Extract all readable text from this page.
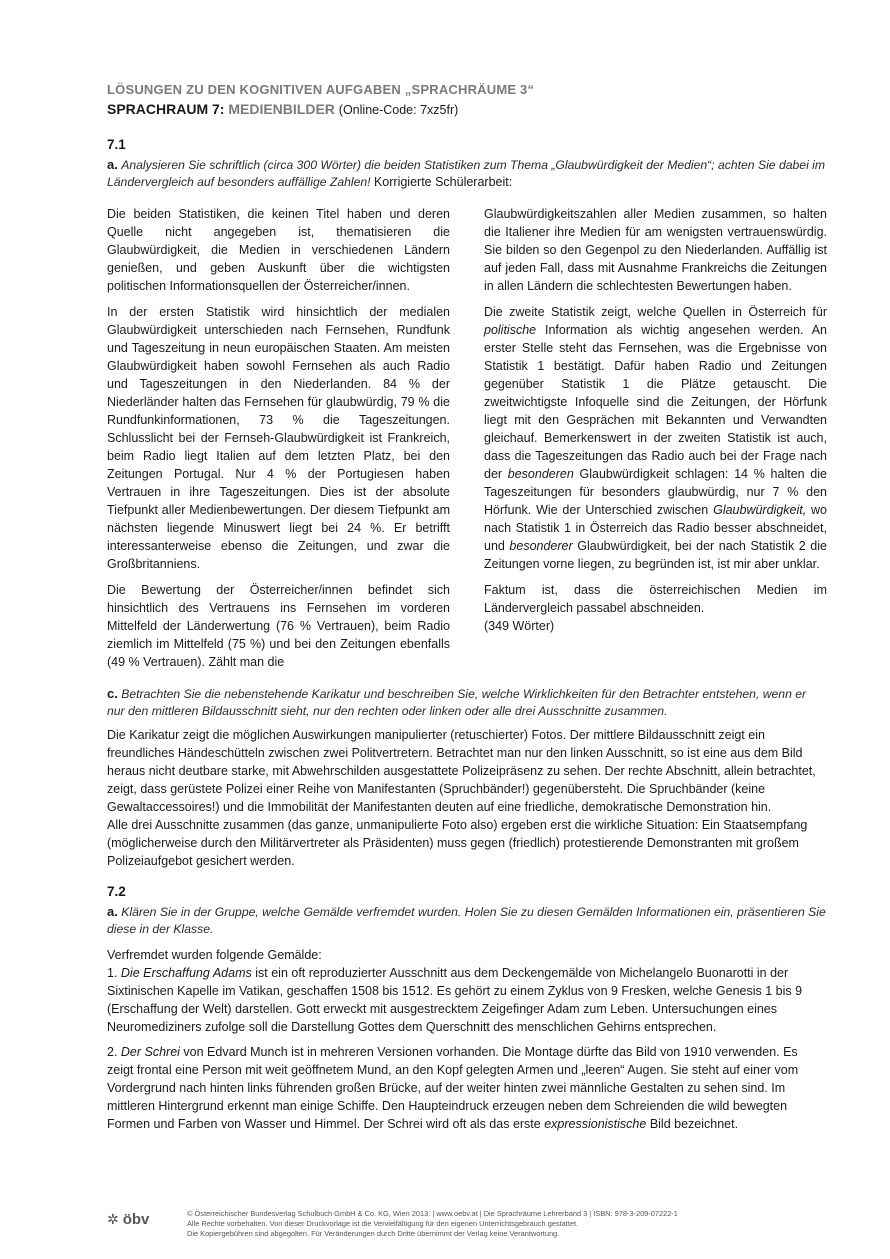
LÖSUNGEN ZU DEN KOGNITIVEN AUFGABEN „SPRACHRÄUME 3“
SPRACHRAUM 7: MEDIENBILDER (Online-Code: 7xz5fr)
7.1

a. Analysieren Sie schriftlich (circa 300 Wörter) die beiden Statistiken zum Thema „Glaubwürdigkeit der Medien“; achten Sie dabei im Ländervergleich auf besonders auffällige Zahlen! Korrigierte Schülerarbeit:

Die beiden Statistiken, die keinen Titel haben und deren Quelle nicht angegeben ist, thematisieren die Glaubwürdigkeit, die Medien in verschiedenen Ländern genießen, und geben Auskunft über die wichtigsten politischen Informationsquellen der Österreicher/innen.

In der ersten Statistik wird hinsichtlich der medialen Glaubwürdigkeit unterschieden nach Fernsehen, Rundfunk und Tageszeitung in neun europäischen Staaten. Am meisten Glaubwürdigkeit haben sowohl Fernsehen als auch Radio und Tageszeitungen in den Niederlanden. 84 % der Niederländer halten das Fernsehen für glaubwürdig, 79 % die Rundfunkinformationen, 73 % die Tageszeitungen. Schlusslicht bei der Fernseh-Glaubwürdigkeit ist Frankreich, beim Radio liegt Italien auf dem letzten Platz, bei den Zeitungen Portugal. Nur 4 % der Portugiesen haben Vertrauen in ihre Tageszeitungen. Dies ist der absolute Tiefpunkt aller Medienbewertungen. Der diesem Tiefpunkt am nächsten liegende Minuswert liegt bei 24 %. Er betrifft interessanterweise ebenso die Zeitungen, und zwar die Großbritanniens.

Die Bewertung der Österreicher/innen befindet sich hinsichtlich des Vertrauens ins Fernsehen im vorderen Mittelfeld der Länderwertung (76 % Vertrauen), beim Radio ziemlich im Mittelfeld (75 %) und bei den Zeitungen ebenfalls (49 % Vertrauen). Zählt man die

Glaubwürdigkeitszahlen aller Medien zusammen, so halten die Italiener ihre Medien für am wenigsten vertrauenswürdig. Sie bilden so den Gegenpol zu den Niederlanden. Auffällig ist auf jeden Fall, dass mit Ausnahme Frankreichs die Zeitungen in allen Ländern die schlechtesten Bewertungen haben.

Die zweite Statistik zeigt, welche Quellen in Österreich für politische Information als wichtig angesehen werden. An erster Stelle steht das Fernsehen, was die Ergebnisse von Statistik 1 bestätigt. Dafür haben Radio und Zeitungen gegenüber Statistik 1 die Plätze getauscht. Die zweitwichtigste Infoquelle sind die Zeitungen, der Hörfunk liegt mit den Gesprächen mit Bekannten und Verwandten gleichauf. Bemerkenswert in der zweiten Statistik ist auch, dass die Tageszeitungen das Radio auch bei der Frage nach der besonderen Glaubwürdigkeit schlagen: 14 % halten die Tageszeitungen für besonders glaubwürdig, nur 7 % den Hörfunk. Wie der Unterschied zwischen Glaubwürdigkeit, wo nach Statistik 1 in Österreich das Radio besser abschneidet, und besonderer Glaubwürdigkeit, bei der nach Statistik 2 die Zeitungen vorne liegen, zu begründen ist, ist mir aber unklar.

Faktum ist, dass die österreichischen Medien im Ländervergleich passabel abschneiden.

(349 Wörter)

c. Betrachten Sie die nebenstehende Karikatur und beschreiben Sie, welche Wirklichkeiten für den Betrachter entstehen, wenn er nur den mittleren Bildausschnitt sieht, nur den rechten oder linken oder alle drei Ausschnitte zusammen.

Die Karikatur zeigt die möglichen Auswirkungen manipulierter (retuschierter) Fotos. Der mittlere Bildausschnitt zeigt ein freundliches Händeschütteln zwischen zwei Politvertretern. Betrachtet man nur den linken Ausschnitt, so ist eine aus dem Bild heraus nicht deutbare starke, mit Abwehrschilden ausgestattete Polizeipräsenz zu sehen. Der rechte Abschnitt, allein betrachtet, zeigt, dass gerüstete Polizei einer Reihe von Manifestanten (Spruchbänder!) gegenübersteht. Die Spruchbänder (keine Gewaltaccessoires!) und die Immobilität der Manifestanten deuten auf eine friedliche, demokratische Demonstration hin.

Alle drei Ausschnitte zusammen (das ganze, unmanipulierte Foto also) ergeben erst die wirkliche Situation: Ein Staatsempfang (möglicherweise durch den Militärvertreter als Präsidenten) muss gegen (friedlich) protestierende Demonstranten mit großem Polizeiaufgebot gesichert werden.

7.2

a. Klären Sie in der Gruppe, welche Gemälde verfremdet wurden. Holen Sie zu diesen Gemälden Informationen ein, präsentieren Sie diese in der Klasse.

Verfremdet wurden folgende Gemälde:

1. Die Erschaffung Adams ist ein oft reproduzierter Ausschnitt aus dem Deckengemälde von Michelangelo Buonarotti in der Sixtinischen Kapelle im Vatikan, geschaffen 1508 bis 1512. Es gehört zu einem Zyklus von 9 Fresken, welche Genesis 1 bis 9 (Erschaffung der Welt) darstellen. Gott erweckt mit ausgestrecktem Zeigefinger Adam zum Leben. Untersuchungen eines Neuromediziners zufolge soll die Darstellung Gottes dem Querschnitt des menschlichen Gehirns entsprechen.

2. Der Schrei von Edvard Munch ist in mehreren Versionen vorhanden. Die Montage dürfte das Bild von 1910 verwenden. Es zeigt frontal eine Person mit weit geöffnetem Mund, an den Kopf gelegten Armen und „leeren“ Augen. Sie steht auf einer vom Vordergrund nach hinten links führenden großen Brücke, auf der weiter hinten zwei männliche Gestalten zu sehen sind. Im mittleren Hintergrund erkennt man einige Schiffe. Den Haupteindruck erzeugen neben dem Schreienden die wild bewegten Formen und Farben von Wasser und Himmel. Der Schrei wird oft als das erste expressionistische Bild bezeichnet.

✲ öbv	© Österreichischer Bundesverlag Schulbuch GmbH & Co. KG, Wien 2013. | www.oebv.at | Die Sprachräume Lehrerband 3 | ISBN: 978-3-209-07222-1
Alle Rechte vorbehalten. Von dieser Druckvorlage ist die Vervielfältigung für den eigenen Unterrichtsgebrauch gestattet.
Die Kopiergebühren sind abgegolten. Für Veränderungen durch Dritte übernimmt der Verlag keine Verantwortung.
